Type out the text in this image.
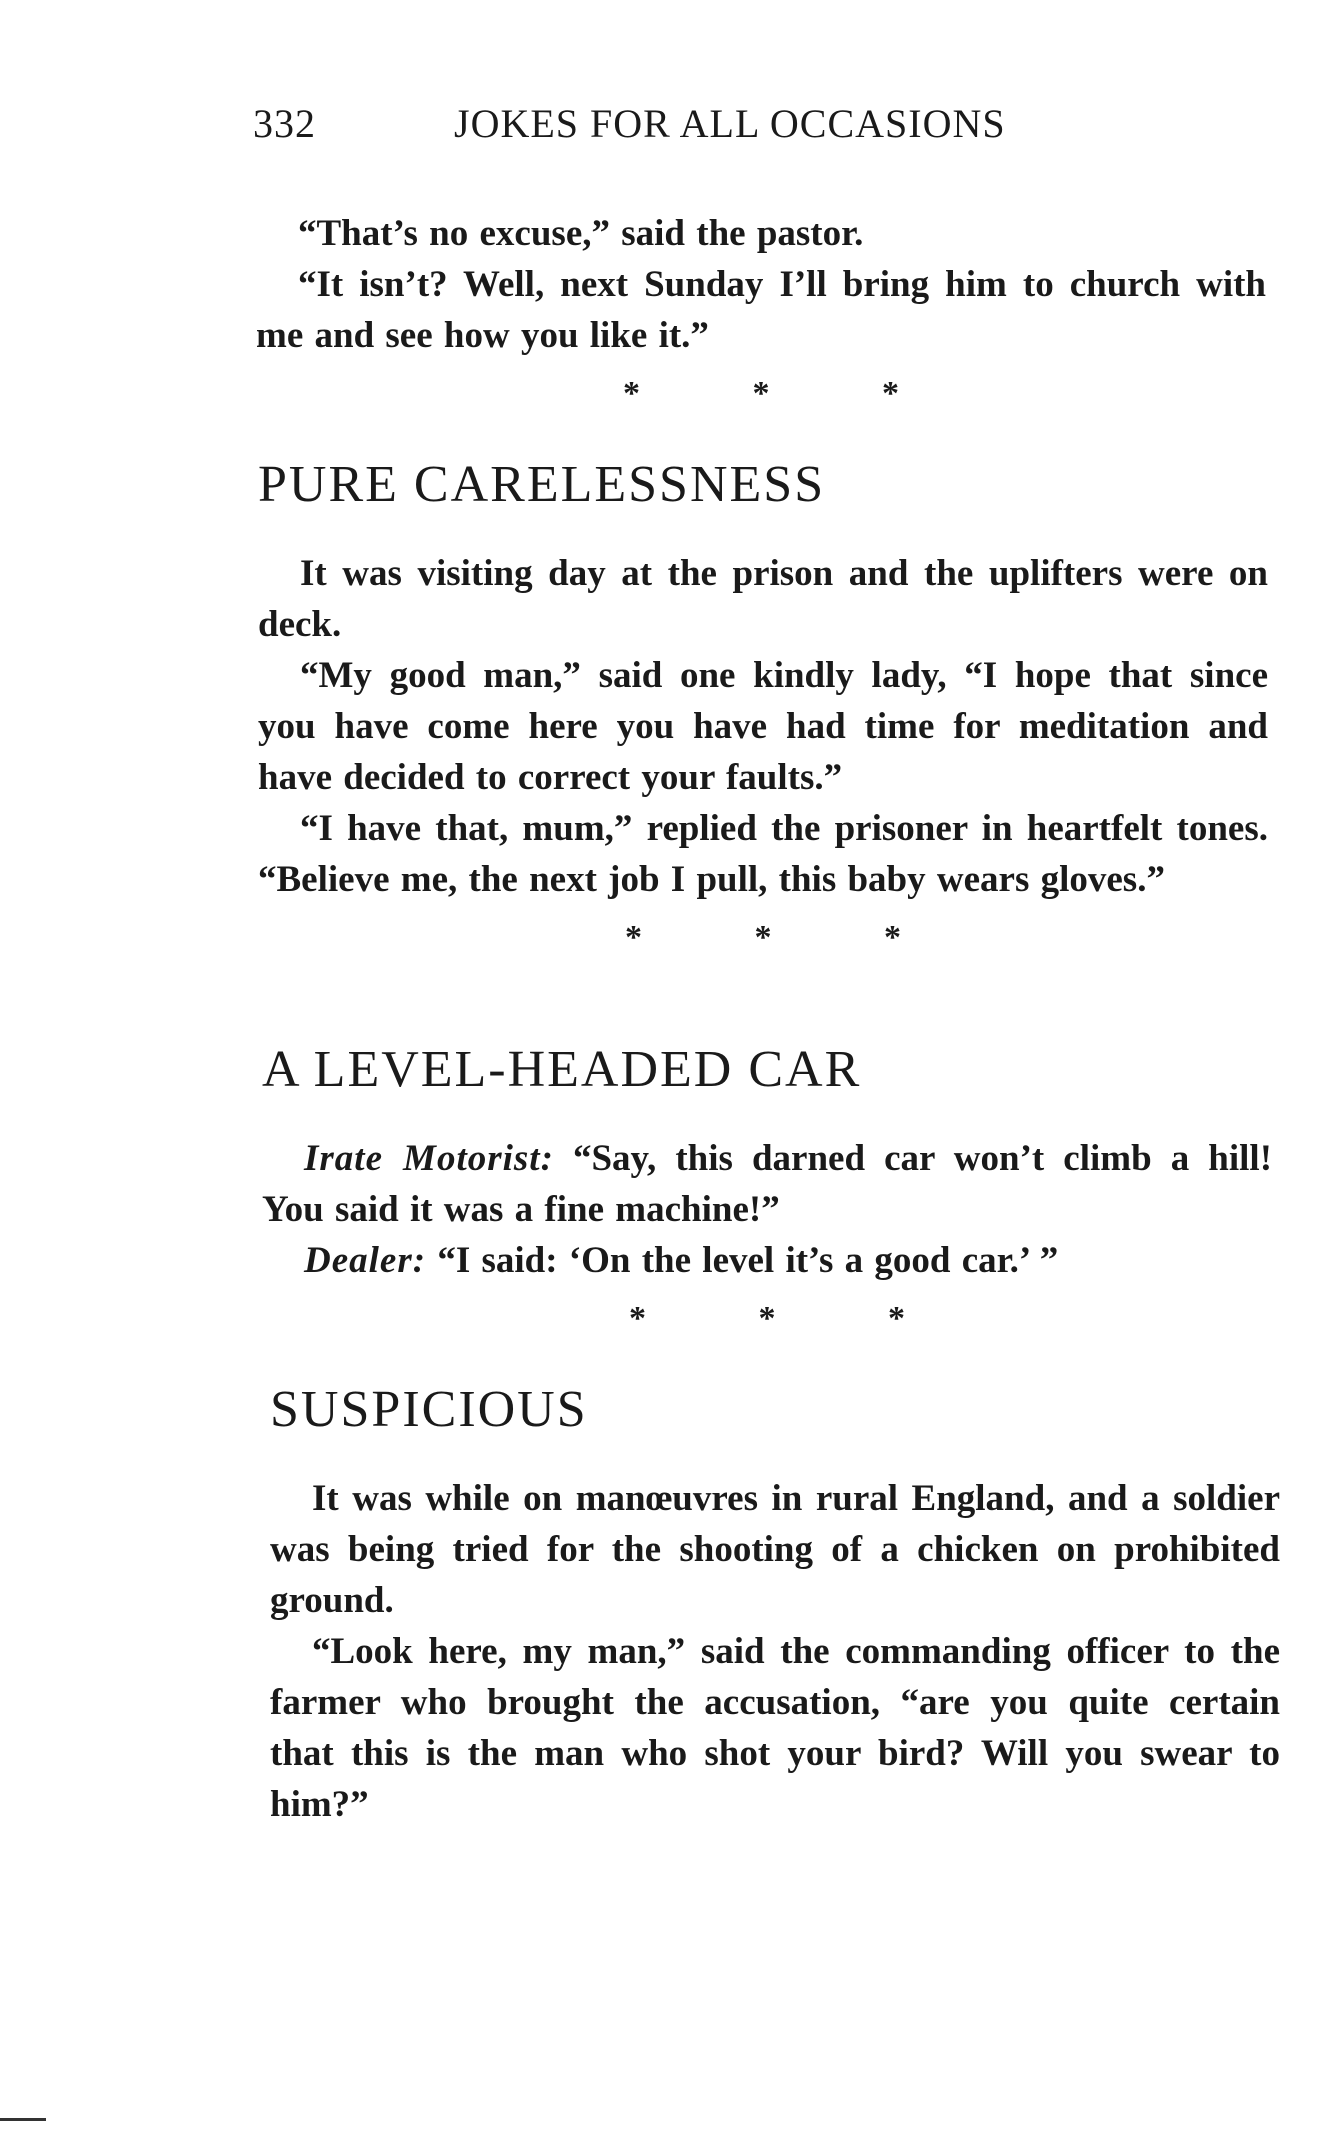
332	JOKES FOR ALL OCCASIONS

“That’s no excuse,” said the pastor.

“It isn’t? Well, next Sunday I’ll bring him to church with me and see how you like it.”

* * *
PURE CARELESSNESS

It was visiting day at the prison and the uplifters were on deck.

“My good man,” said one kindly lady, “I hope that since you have come here you have had time for meditation and have decided to correct your faults.”

“I have that, mum,” replied the prisoner in heartfelt tones. “Believe me, the next job I pull, this baby wears gloves.”

* * *
A LEVEL-HEADED CAR

Irate Motorist: “Say, this darned car won’t climb a hill! You said it was a fine machine!”

Dealer: “I said: ‘On the level it’s a good car.’ ”

* * *
SUSPICIOUS

It was while on manœuvres in rural England, and a soldier was being tried for the shooting of a chicken on prohibited ground.

“Look here, my man,” said the commanding officer to the farmer who brought the accusation, “are you quite certain that this is the man who shot your bird? Will you swear to him?”
